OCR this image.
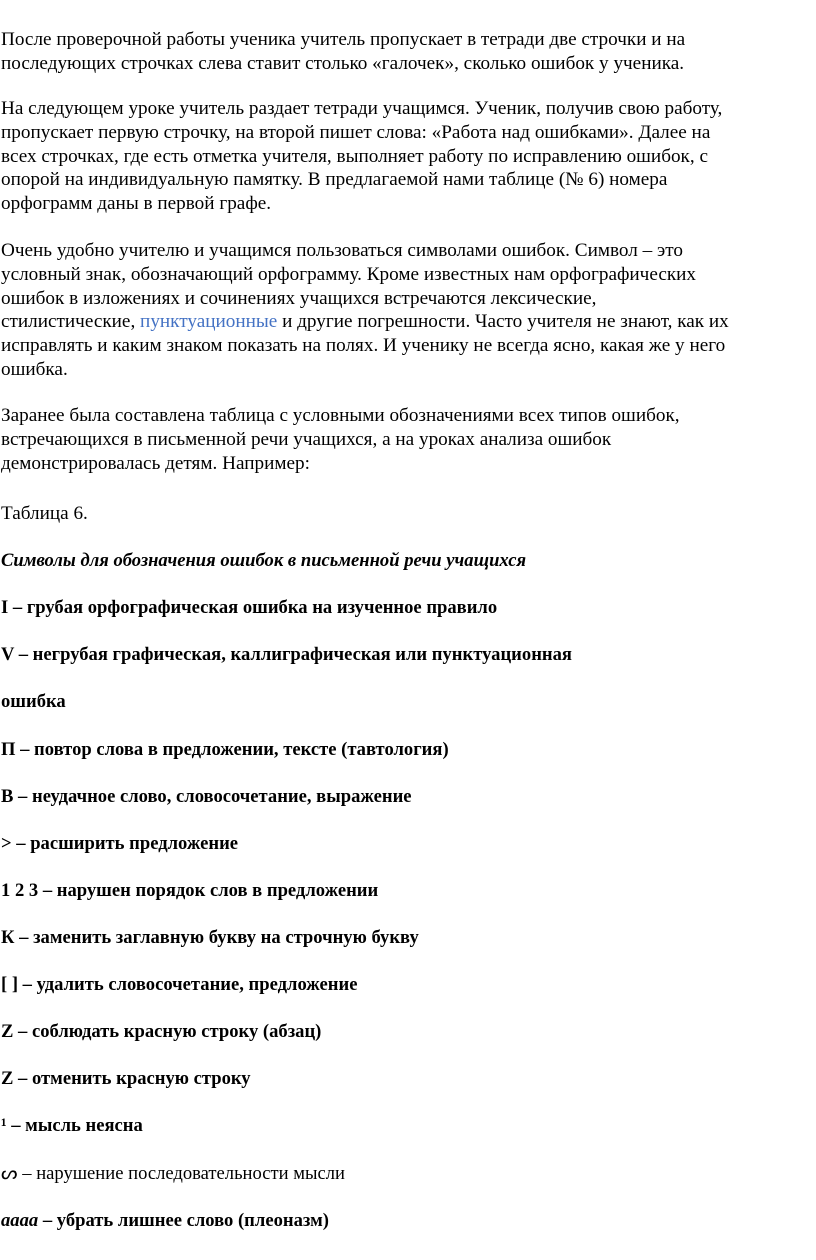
После проверочной работы ученика учитель пропускает в тетради две строчки и на
последующих строчках слева ставит столько «галочек», сколько ошибок у ученика.

На следующем уроке учитель раздает тетради учащимся. Ученик, получив свою работу,
пропускает первую строчку, на второй пишет слова: «Работа над ошибками». Далее на
всех строчках, где есть отметка учителя, выполняет работу по исправлению ошибок, с
опорой на индивидуальную памятку. В предлагаемой нами таблице (№ 6) номера
орфограмм даны в первой графе.

Очень удобно учителю и учащимся пользоваться символами ошибок. Символ – это
условный знак, обозначающий орфограмму. Кроме известных нам орфографических
ошибок в изложениях и сочинениях учащихся встречаются лексические,
стилистические, пунктуационные и другие погрешности. Часто учителя не знают, как их
исправлять и каким знаком показать на полях. И ученику не всегда ясно, какая же у него
ошибка.

Заранее была составлена таблица с условными обозначениями всех типов ошибок,
встречающихся в письменной речи учащихся, а на уроках анализа ошибок
демонстрировалась детям. Например:

Таблица 6.

Символы для обозначения ошибок в письменной речи учащихся

I – грубая орфографическая ошибка на изученное правило

V – негрубая графическая, каллиграфическая или пунктуационная

ошибка

П – повтор слова в предложении, тексте (тавтология)

В – неудачное слово, словосочетание, выражение

> – расширить предложение

1 2 3 – нарушен порядок слов в предложении

К – заменить заглавную букву на строчную букву

[ ] – удалить словосочетание, предложение

Z – соблюдать красную строку (абзац)

Z – отменить красную строку

¹ – мысль неясна

ᔕ – нарушение последовательности мысли

аааа – убрать лишнее слово (плеоназм)
